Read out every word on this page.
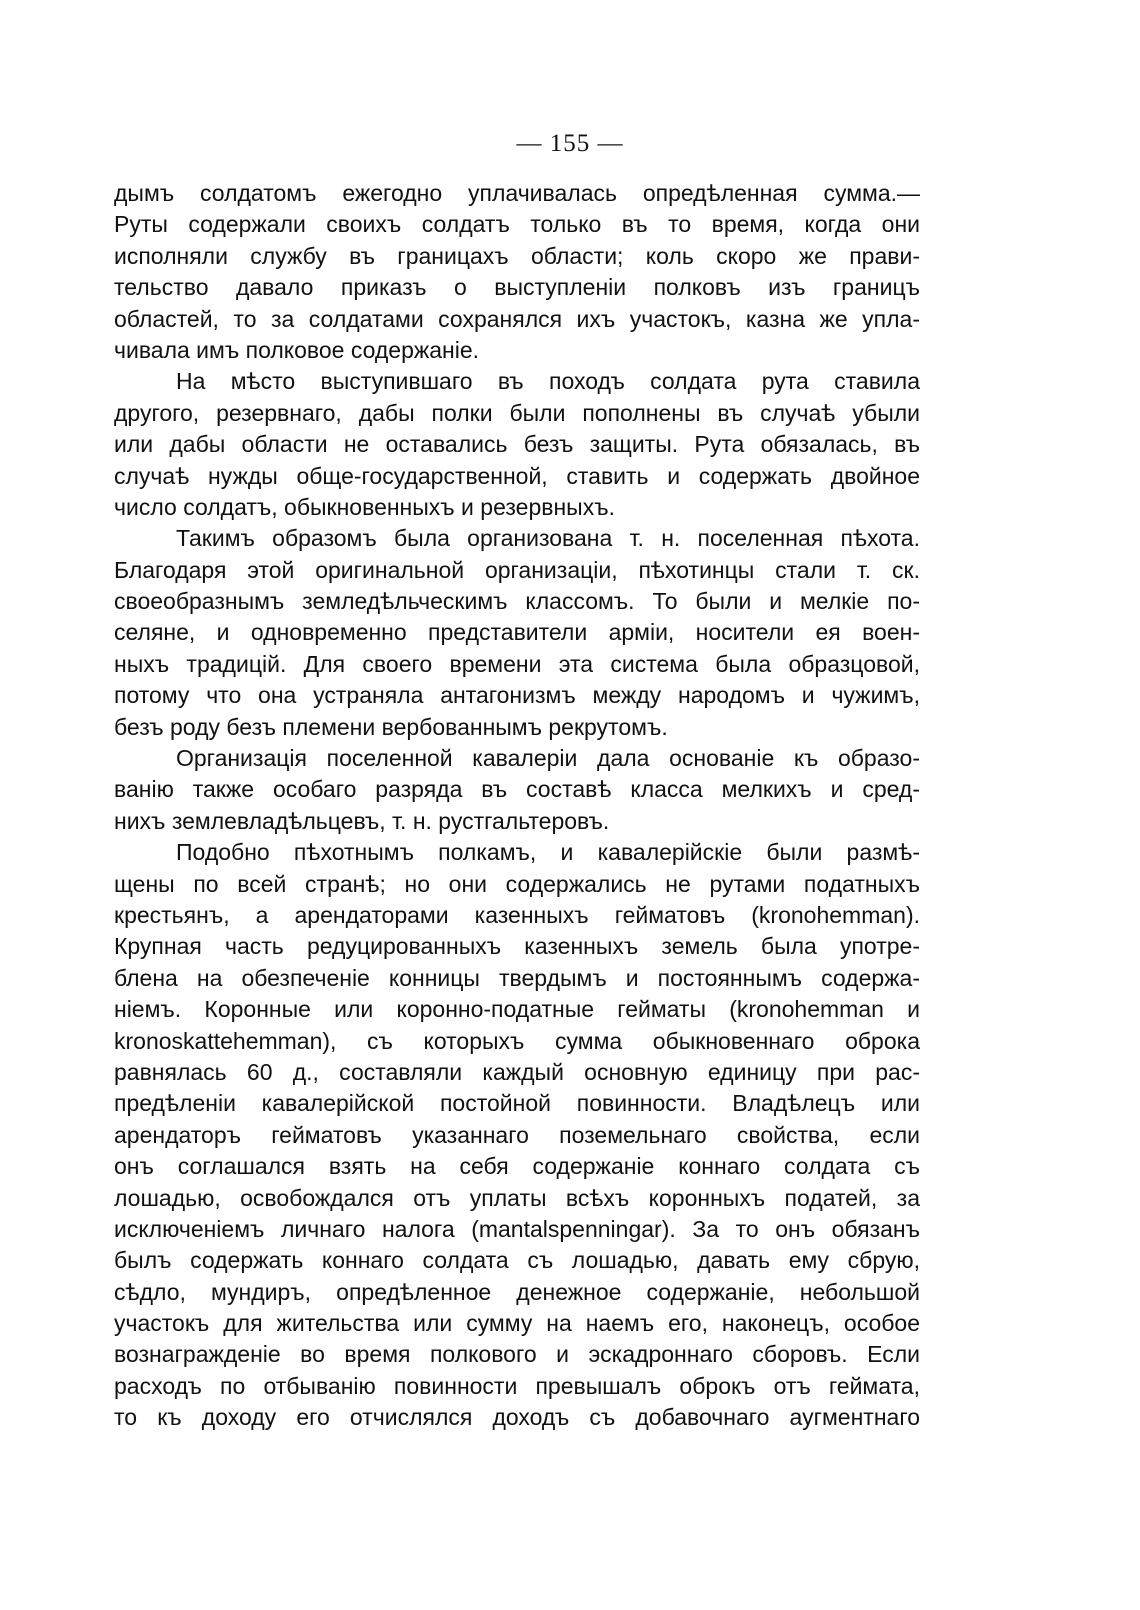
— 155 —
дымъ солдатомъ ежегодно уплачивалась опредѣленная сумма.—
Руты содержали своихъ солдатъ только въ то время, когда они
исполняли службу въ границахъ области; коль скоро же прави-
тельство давало приказъ о выступленіи полковъ изъ границъ
областей, то за солдатами сохранялся ихъ участокъ, казна же упла-
чивала имъ полковое содержаніе.
На мѣсто выступившаго въ походъ солдата рута ставила
другого, резервнаго, дабы полки были пополнены въ случаѣ убыли
или дабы области не оставались безъ защиты. Рута обязалась, въ
случаѣ нужды обще-государственной, ставить и содержать двойное
число солдатъ, обыкновенныхъ и резервныхъ.
Такимъ образомъ была организована т. н. поселенная пѣхота.
Благодаря этой оригинальной организаціи, пѣхотинцы стали т. ск.
своеобразнымъ земледѣльческимъ классомъ. То были и мелкіе по-
селяне, и одновременно представители арміи, носители ея воен-
ныхъ традицій. Для своего времени эта система была образцовой,
потому что она устраняла антагонизмъ между народомъ и чужимъ,
безъ роду безъ племени вербованнымъ рекрутомъ.
Организація поселенной кавалеріи дала основаніе къ образо-
ванію также особаго разряда въ составѣ класса мелкихъ и сред-
нихъ землевладѣльцевъ, т. н. рустгальтеровъ.
Подобно пѣхотнымъ полкамъ, и кавалерійскіе были размѣ-
щены по всей странѣ; но они содержались не рутами податныхъ
крестьянъ, а арендаторами казенныхъ гейматовъ (kronohemman).
Крупная часть редуцированныхъ казенныхъ земель была употре-
блена на обезпеченіе конницы твердымъ и постояннымъ содержа-
ніемъ. Коронные или коронно-податные гейматы (kronohemman и
kronoskattehemman), съ которыхъ сумма обыкновеннаго оброка
равнялась 60 д., составляли каждый основную единицу при рас-
предѣленіи кавалерійской постойной повинности. Владѣлецъ или
арендаторъ гейматовъ указаннаго поземельнаго свойства, если
онъ соглашался взять на себя содержаніе коннаго солдата съ
лошадью, освобождался отъ уплаты всѣхъ коронныхъ податей, за
исключеніемъ личнаго налога (mantalspenningar). За то онъ обязанъ
былъ содержать коннаго солдата съ лошадью, давать ему сбрую,
сѣдло, мундиръ, опредѣленное денежное содержаніе, небольшой
участокъ для жительства или сумму на наемъ его, наконецъ, особое
вознагражденіе во время полкового и эскадроннаго сборовъ. Если
расходъ по отбыванію повинности превышалъ оброкъ отъ геймата,
то къ доходу его отчислялся доходъ съ добавочнаго аугментнаго
